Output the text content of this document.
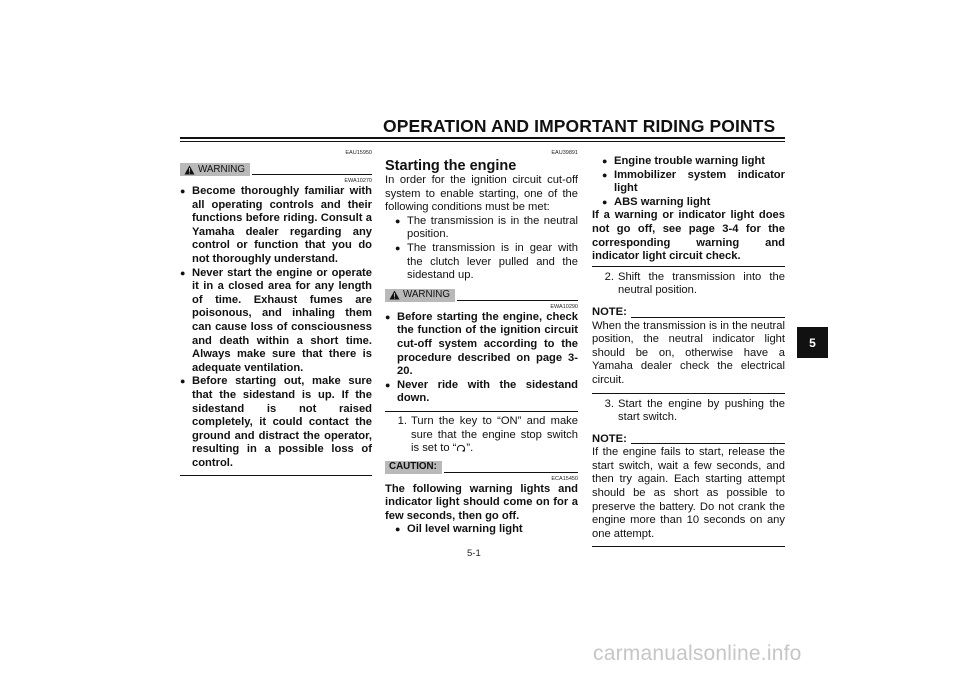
OPERATION AND IMPORTANT RIDING POINTS
5
EAU15950
WARNING
EWA10270
● Become thoroughly familiar with all operating controls and their functions before riding. Consult a Yamaha dealer regarding any control or function that you do not thoroughly understand.
● Never start the engine or operate it in a closed area for any length of time. Exhaust fumes are poisonous, and inhaling them can cause loss of consciousness and death within a short time. Always make sure that there is adequate ventilation.
● Before starting out, make sure that the sidestand is up. If the sidestand is not raised completely, it could contact the ground and distract the operator, resulting in a possible loss of control.
EAU39891
Starting the engine
In order for the ignition circuit cut-off system to enable starting, one of the following conditions must be met:
● The transmission is in the neutral position.
● The transmission is in gear with the clutch lever pulled and the sidestand up.
WARNING
EWA10290
● Before starting the engine, check the function of the ignition circuit cut-off system according to the procedure described on page 3-20.
● Never ride with the sidestand down.
1. Turn the key to “ON” and make sure that the engine stop switch is set to “ ”.
CAUTION:
ECA15450
The following warning lights and indicator light should come on for a few seconds, then go off.
● Oil level warning light
● Engine trouble warning light
● Immobilizer system indicator light
● ABS warning light
If a warning or indicator light does not go off, see page 3-4 for the corresponding warning and indicator light circuit check.
2. Shift the transmission into the neutral position.
NOTE:
When the transmission is in the neutral position, the neutral indicator light should be on, otherwise have a Yamaha dealer check the electrical circuit.
3. Start the engine by pushing the start switch.
NOTE:
If the engine fails to start, release the start switch, wait a few seconds, and then try again. Each starting attempt should be as short as possible to preserve the battery. Do not crank the engine more than 10 seconds on any one attempt.
5-1
carmanualsonline.info
